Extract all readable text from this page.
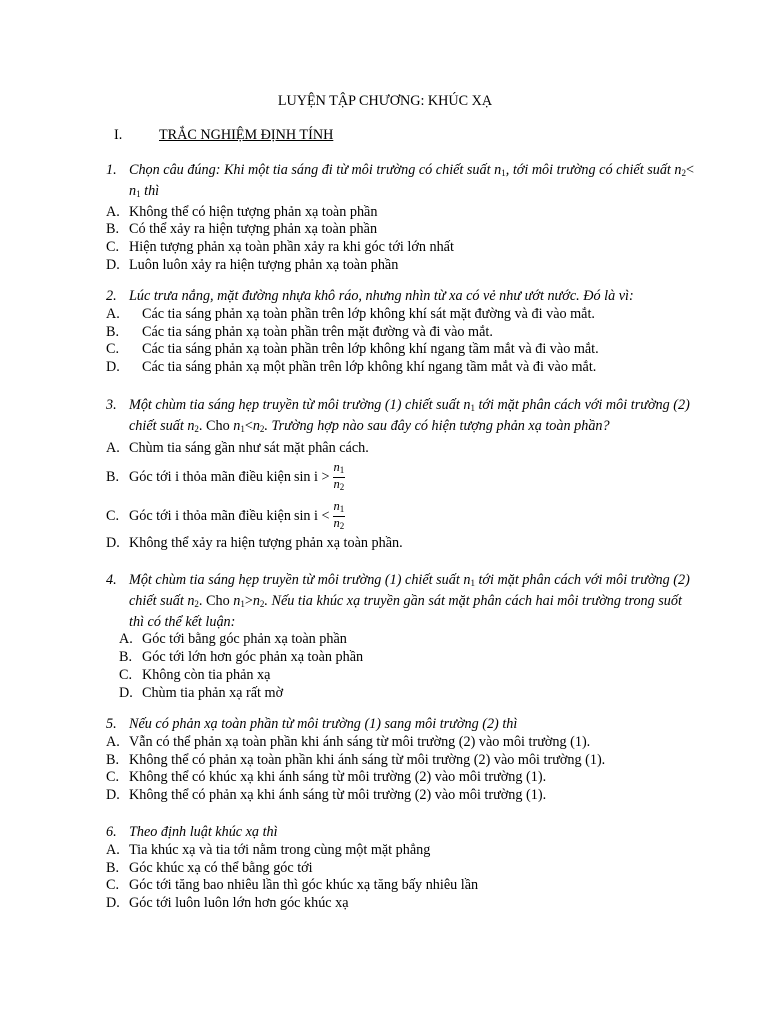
LUYỆN TẬP CHƯƠNG: KHÚC XẠ
I.	TRẮC NGHIỆM ĐỊNH TÍNH
1. Chọn câu đúng: Khi một tia sáng đi từ môi trường có chiết suất $n_1$, tới môi trường có chiết suất $n_2<$
$n_1$ thì
A. Không thể có hiện tượng phản xạ toàn phần
B. Có thể xảy ra hiện tượng phản xạ toàn phần
C. Hiện tượng phản xạ toàn phần xảy ra khi góc tới lớn nhất
D. Luôn luôn xảy ra hiện tượng phản xạ toàn phần
2. Lúc trưa nắng, mặt đường nhựa khô ráo, nhưng nhìn từ xa có vẻ như ướt nước. Đó là vì:
A.	Các tia sáng phản xạ toàn phần trên lớp không khí sát mặt đường và đi vào mắt.
B.	Các tia sáng phản xạ toàn phần trên mặt đường và đi vào mắt.
C.	Các tia sáng phản xạ toàn phần trên lớp không khí ngang tầm mắt và đi vào mắt.
D.	Các tia sáng phản xạ một phần trên lớp không khí ngang tầm mắt và đi vào mắt.
3. Một chùm tia sáng hẹp truyền từ môi trường (1) chiết suất $n_1$ tới mặt phân cách với môi trường (2)
chiết suất $n_2$. Cho $n_1<n_2$. Trường hợp nào sau đây có hiện tượng phản xạ toàn phần?
A. Chùm tia sáng gần như sát mặt phân cách.
B. Góc tới i thỏa mãn điều kiện $\sin i > \frac{n_1}{n_2}$
C. Góc tới i thỏa mãn điều kiện $\sin i < \frac{n_1}{n_2}$
D. Không thể xảy ra hiện tượng phản xạ toàn phần.
4. Một chùm tia sáng hẹp truyền từ môi trường (1) chiết suất $n_1$ tới mặt phân cách với môi trường (2)
chiết suất $n_2$. Cho $n_1>n_2$. Nếu tia khúc xạ truyền gần sát mặt phân cách hai môi trường trong suốt
thì có thể kết luận:
A. Góc tới bằng góc phản xạ toàn phần
B. Góc tới lớn hơn góc phản xạ toàn phần
C. Không còn tia phản xạ
D. Chùm tia phản xạ rất mờ
5. Nếu có phản xạ toàn phần từ môi trường (1) sang môi trường (2) thì
A. Vẫn có thể phản xạ toàn phần khi ánh sáng từ môi trường (2) vào môi trường (1).
B. Không thể có phản xạ toàn phần khi ánh sáng từ môi trường (2) vào môi trường (1).
C. Không thể có khúc xạ khi ánh sáng từ môi trường (2) vào môi trường (1).
D. Không thể có phản xạ khi ánh sáng từ môi trường (2) vào môi trường (1).
6. Theo định luật khúc xạ thì
A. Tia khúc xạ và tia tới nằm trong cùng một mặt phẳng
B. Góc khúc xạ có thể bằng góc tới
C. Góc tới tăng bao nhiêu lần thì góc khúc xạ tăng bấy nhiêu lần
D. Góc tới luôn luôn lớn hơn góc khúc xạ
